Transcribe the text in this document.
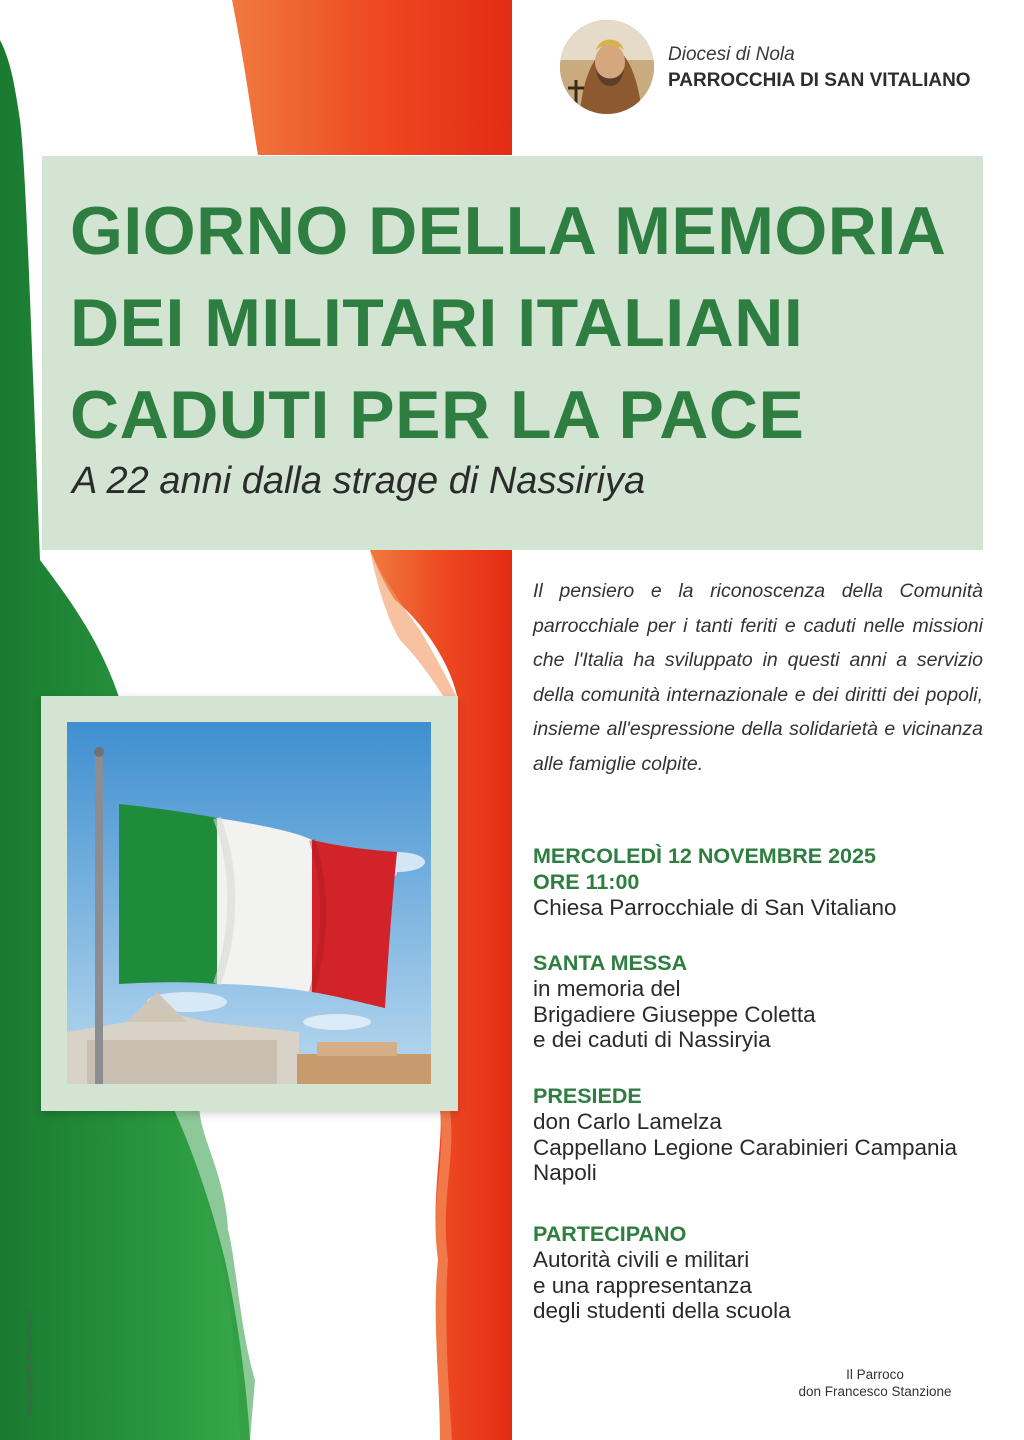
Diocesi di Nola
PARROCCHIA DI SAN VITALIANO
GIORNO DELLA MEMORIA
DEI MILITARI ITALIANI
CADUTI PER LA PACE
A 22 anni dalla strage di Nassiriya
Il pensiero e la riconoscenza della Comunità parrocchiale per i tanti feriti e caduti nelle missioni che l'Italia ha sviluppato in questi anni a servizio della comunità internazionale e dei diritti dei popoli, insieme all'espressione della solidarietà e vicinanza alle famiglie colpite.
MERCOLEDÌ 12 NOVEMBRE 2025
ORE 11:00
Chiesa Parrocchiale di San Vitaliano
SANTA MESSA
in memoria del
Brigadiere Giuseppe Coletta
e dei caduti di Nassiryia
PRESIEDE
don Carlo Lamelza
Cappellano Legione Carabinieri Campania
Napoli
PARTECIPANO
Autorità civili e militari
e una rappresentanza
degli studenti della scuola
Il Parroco
don Francesco Stanzione
www.gianninipresservice.it
